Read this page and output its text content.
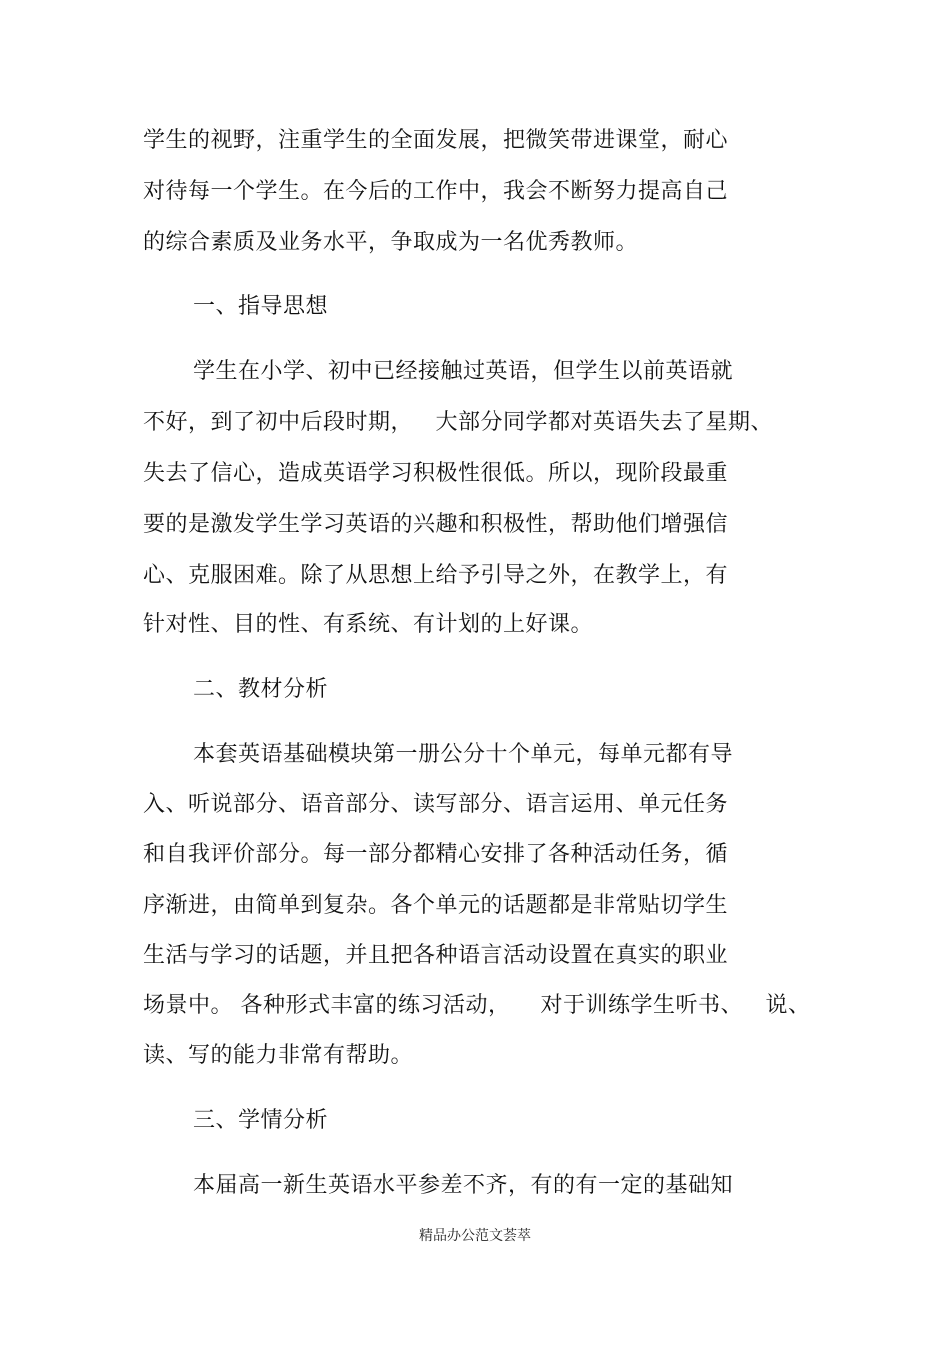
学生的视野，注重学生的全面发展，把微笑带进课堂，耐心
对待每一个学生。在今后的工作中，我会不断努力提高自己
的综合素质及业务水平，争取成为一名优秀教师。
一、指导思想
学生在小学、初中已经接触过英语，但学生以前英语就
不好，到了初中后段时期，   大部分同学都对英语失去了星期、
失去了信心，造成英语学习积极性很低。所以，现阶段最重
要的是激发学生学习英语的兴趣和积极性，帮助他们增强信
心、克服困难。除了从思想上给予引导之外，在教学上，有
针对性、目的性、有系统、有计划的上好课。
二、教材分析
本套英语基础模块第一册公分十个单元，每单元都有导
入、听说部分、语音部分、读写部分、语言运用、单元任务
和自我评价部分。每一部分都精心安排了各种活动任务，循
序渐进，由简单到复杂。各个单元的话题都是非常贴切学生
生活与学习的话题，并且把各种语言活动设置在真实的职业
场景中。 各种形式丰富的练习活动，    对于训练学生听书、   说、
读、写的能力非常有帮助。
三、学情分析
本届高一新生英语水平参差不齐，有的有一定的基础知
精品办公范文荟萃
